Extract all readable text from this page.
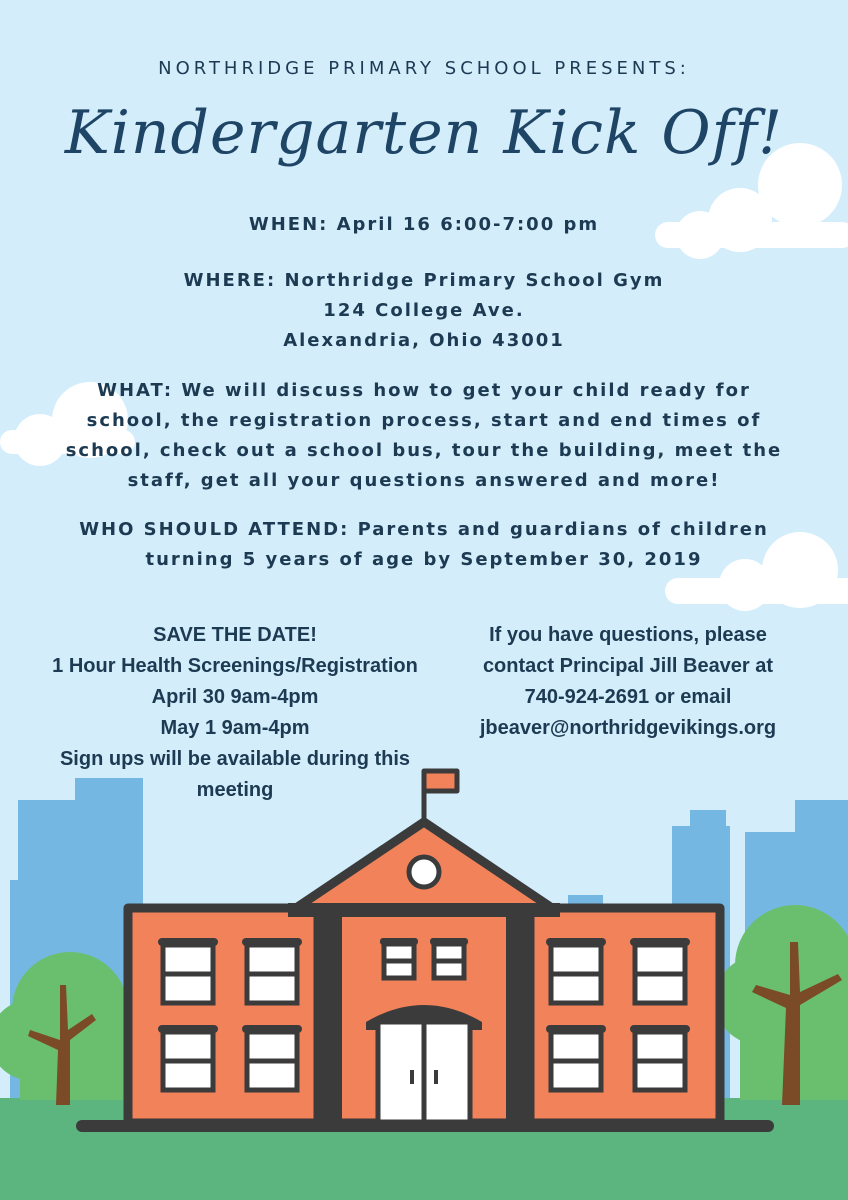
NORTHRIDGE PRIMARY SCHOOL PRESENTS:

Kindergarten Kick Off!

WHEN: April 16 6:00-7:00 pm
WHERE: Northridge Primary School Gym
124 College Ave.
Alexandria, Ohio 43001
WHAT: We will discuss how to get your child ready for
school, the registration process, start and end times of
school, check out a school bus, tour the building, meet the
staff, get all your questions answered and more!
WHO SHOULD ATTEND: Parents and guardians of children
turning 5 years of age by September 30, 2019
SAVE THE DATE!
1 Hour Health Screenings/Registration
April 30 9am-4pm
May 1 9am-4pm
Sign ups will be available during this
meeting
If you have questions, please
contact Principal Jill Beaver at
740-924-2691 or email
jbeaver@northridgevikings.org
